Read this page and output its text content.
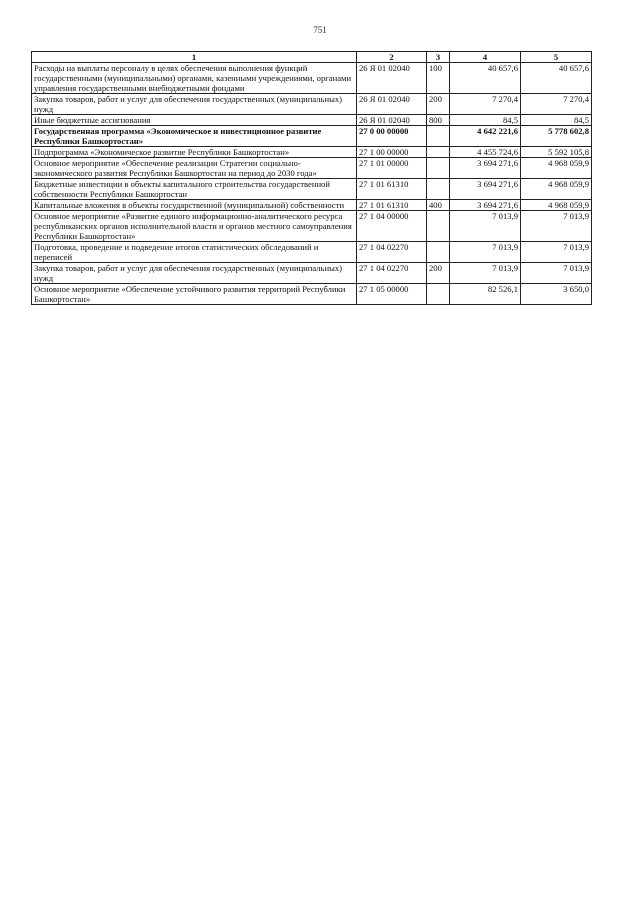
751
1	2	3	4	5
Расходы на выплаты персоналу в целях обеспечения выполнения функций государственными (муниципальными) органами, казенными учреждениями, органами управления государственными внебюджетными фондами	26 Я 01 02040	100	40 657,6	40 657,6
Закупка товаров, работ и услуг для обеспечения государственных (муниципальных) нужд	26 Я 01 02040	200	7 270,4	7 270,4
Иные бюджетные ассигнования	26 Я 01 02040	800	84,5	84,5
Государственная программа «Экономическое и инвестиционное развитие Республики Башкортостан»	27 0 00 00000		4 642 221,6	5 778 602,8
Подпрограмма «Экономическое развитие Республики Башкортостан»	27 1 00 00000		4 455 724,6	5 592 105,8
Основное мероприятие «Обеспечение реализации Стратегии социально-экономического развития Республики Башкортостан на период до 2030 года»	27 1 01 00000		3 694 271,6	4 968 059,9
Бюджетные инвестиции в объекты капитального строительства государственной собственности Республики Башкортостан	27 1 01 61310		3 694 271,6	4 968 059,9
Капитальные вложения в объекты государственной (муниципальной) собственности	27 1 01 61310	400	3 694 271,6	4 968 059,9
Основное мероприятие «Развитие единого информационно-аналитического ресурса республиканских органов исполнительной власти и органов местного самоуправления Республики Башкортостан»	27 1 04 00000		7 013,9	7 013,9
Подготовка, проведение и подведение итогов статистических обследований и переписей	27 1 04 02270		7 013,9	7 013,9
Закупка товаров, работ и услуг для обеспечения государственных (муниципальных) нужд	27 1 04 02270	200	7 013,9	7 013,9
Основное мероприятие «Обеспечение устойчивого развития территорий Республики Башкортостан»	27 1 05 00000		82 526,1	3 650,0
